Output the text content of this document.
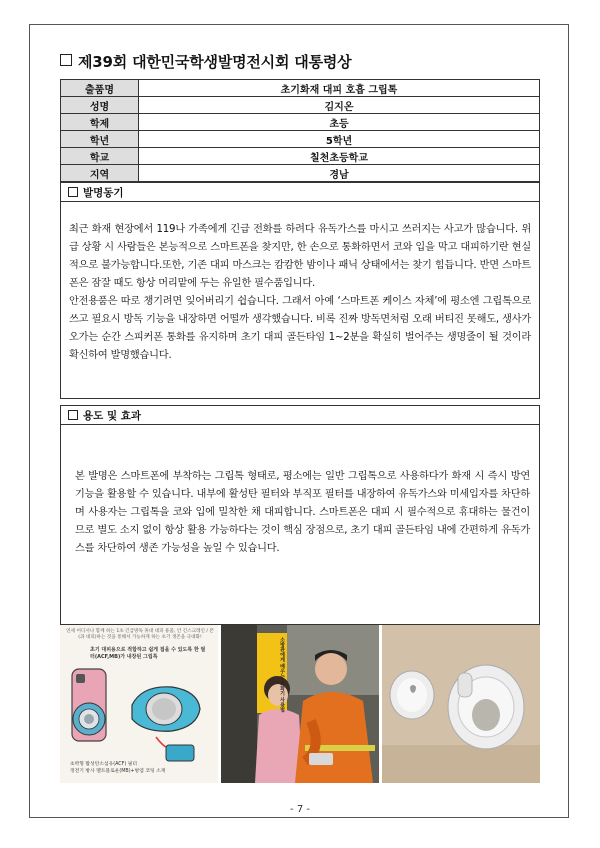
제39회 대한민국학생발명전시회 대통령상
출품명	초기화재 대피 호흡 그립톡
성명	김지온
학제	초등
학년	5학년
학교	칠천초등학교
지역	경남
발명동기

최근 화재 현장에서 119나 가족에게 긴급 전화를 하려다 유독가스를 마시고 쓰러지는 사고가 많습니다. 위급 상황 시 사람들은 본능적으로 스마트폰을 찾지만, 한 손으로 통화하면서 코와 입을 막고 대피하기란 현실적으로 불가능합니다.또한, 기존 대피 마스크는 캄캄한 밤이나 패닉 상태에서는 찾기 힘듭니다. 반면 스마트폰은 잠잘 때도 항상 머리맡에 두는 유일한 필수품입니다.

안전용품은 따로 챙기려면 잊어버리기 쉽습니다. 그래서 아예 ‘스마트폰 케이스 자체’에 평소엔 그립톡으로 쓰고 필요시 방독 기능을 내장하면 어떨까 생각했습니다. 비록 진짜 방독면처럼 오래 버티진 못해도, 생사가 오가는 순간 스피커폰 통화를 유지하며 초기 대피 골든타임 1~2분을 확실히 벌어주는 생명줄이 될 것이라 확신하여 발명했습니다.

용도 및 효과

본 발명은 스마트폰에 부착하는 그립톡 형태로, 평소에는 일반 그립톡으로 사용하다가 화재 시 즉시 방연 기능을 활용할 수 있습니다. 내부에 활성탄 필터와 부직포 필터를 내장하여 유독가스와 미세입자를 차단하며 사용자는 그립톡을 코와 입에 밀착한 채 대피합니다. 스마트폰은 대피 시 필수적으로 휴대하는 물건이므로 별도 소지 없이 항상 활용 가능하다는 것이 핵심 장점으로, 초기 대피 골든타임 내에 간편하게 유독가스를 차단하여 생존 가능성을 높일 수 있습니다.

연세 어디서나 함께 하는 1초 긴급방독 휴대 대피 용품, 안 긴스크레인 / 폰(과 대피)하는 것을 통해서 가능하게 하는 초기 생존을 극대화!
초기 대피용으로 적합하고 쉽게 접을 수 있도록 한 필터(ACF,MB)가 내장된 그립톡
초박형 활성탄소섬유(ACF) 필터
정전기 방사 멜트블로운(MB)+방염 코팅 소재
소방관에게 배우는 소화기 사용법
- 7 -
